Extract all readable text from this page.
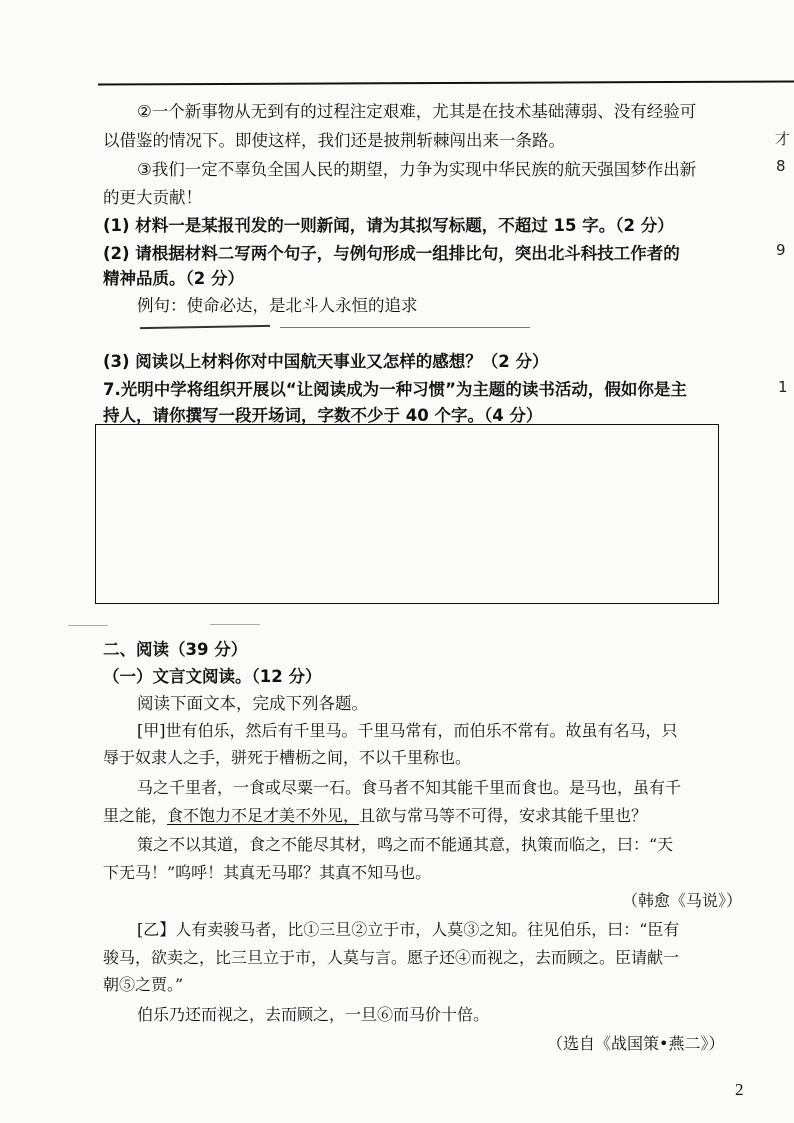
②一个新事物从无到有的过程注定艰难，尤其是在技术基础薄弱、没有经验可
以借鉴的情况下。即使这样，我们还是披荆斩棘闯出来一条路。
③我们一定不辜负全国人民的期望，力争为实现中华民族的航天强国梦作出新
的更大贡献！
(1) 材料一是某报刊发的一则新闻，请为其拟写标题，不超过 15 字。（2 分）
(2) 请根据材料二写两个句子，与例句形成一组排比句，突出北斗科技工作者的
精神品质。（2 分）
例句：使命必达，是北斗人永恒的追求
(3) 阅读以上材料你对中国航天事业又怎样的感想？（2 分）
7.光明中学将组织开展以“让阅读成为一种习惯”为主题的读书活动，假如你是主
持人，请你撰写一段开场词，字数不少于 40 个字。（4 分）
二、阅读（39 分）
（一）文言文阅读。（12 分）
阅读下面文本，完成下列各题。
[甲]世有伯乐，然后有千里马。千里马常有，而伯乐不常有。故虽有名马，只
辱于奴隶人之手，骈死于槽枥之间，不以千里称也。
马之千里者，一食或尽粟一石。食马者不知其能千里而食也。是马也，虽有千
里之能，食不饱力不足才美不外见，且欲与常马等不可得，安求其能千里也？
策之不以其道，食之不能尽其材，鸣之而不能通其意，执策而临之，曰：“天
下无马！”呜呼！其真无马耶？其真不知马也。
（韩愈《马说》）
[乙】人有卖骏马者，比①三旦②立于市，人莫③之知。往见伯乐，曰：“臣有
骏马，欲卖之，比三旦立于市，人莫与言。愿子还④而视之，去而顾之。臣请献一
朝⑤之贾。”
伯乐乃还而视之，去而顾之，一旦⑥而马价十倍。
（选自《战国策•燕二》）
才
8
9
1
2
